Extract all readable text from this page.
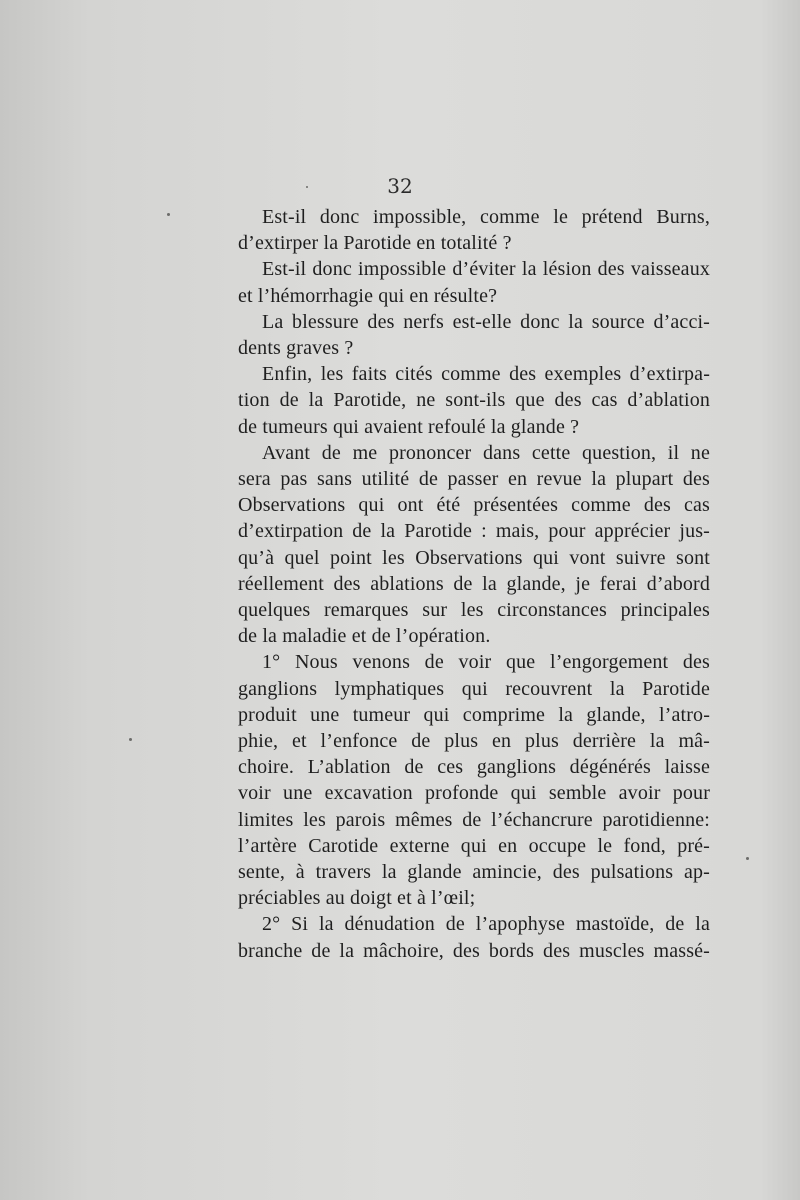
32
Est-il donc impossible, comme le prétend Burns,
d’extirper la Parotide en totalité ?
Est-il donc impossible d’éviter la lésion des vaisseaux
et l’hémorrhagie qui en résulte?
La blessure des nerfs est-elle donc la source d’acci-
dents graves ?
Enfin, les faits cités comme des exemples d’extirpa-
tion de la Parotide, ne sont-ils que des cas d’ablation
de tumeurs qui avaient refoulé la glande ?
Avant de me prononcer dans cette question, il ne
sera pas sans utilité de passer en revue la plupart des
Observations qui ont été présentées comme des cas
d’extirpation de la Parotide : mais, pour apprécier jus-
qu’à quel point les Observations qui vont suivre sont
réellement des ablations de la glande, je ferai d’abord
quelques remarques sur les circonstances principales
de la maladie et de l’opération.
1° Nous venons de voir que l’engorgement des
ganglions lymphatiques qui recouvrent la Parotide
produit une tumeur qui comprime la glande, l’atro-
phie, et l’enfonce de plus en plus derrière la mâ-
choire. L’ablation de ces ganglions dégénérés laisse
voir une excavation profonde qui semble avoir pour
limites les parois mêmes de l’échancrure parotidienne:
l’artère Carotide externe qui en occupe le fond, pré-
sente, à travers la glande amincie, des pulsations ap-
préciables au doigt et à l’œil;
2° Si la dénudation de l’apophyse mastoïde, de la
branche de la mâchoire, des bords des muscles massé-
